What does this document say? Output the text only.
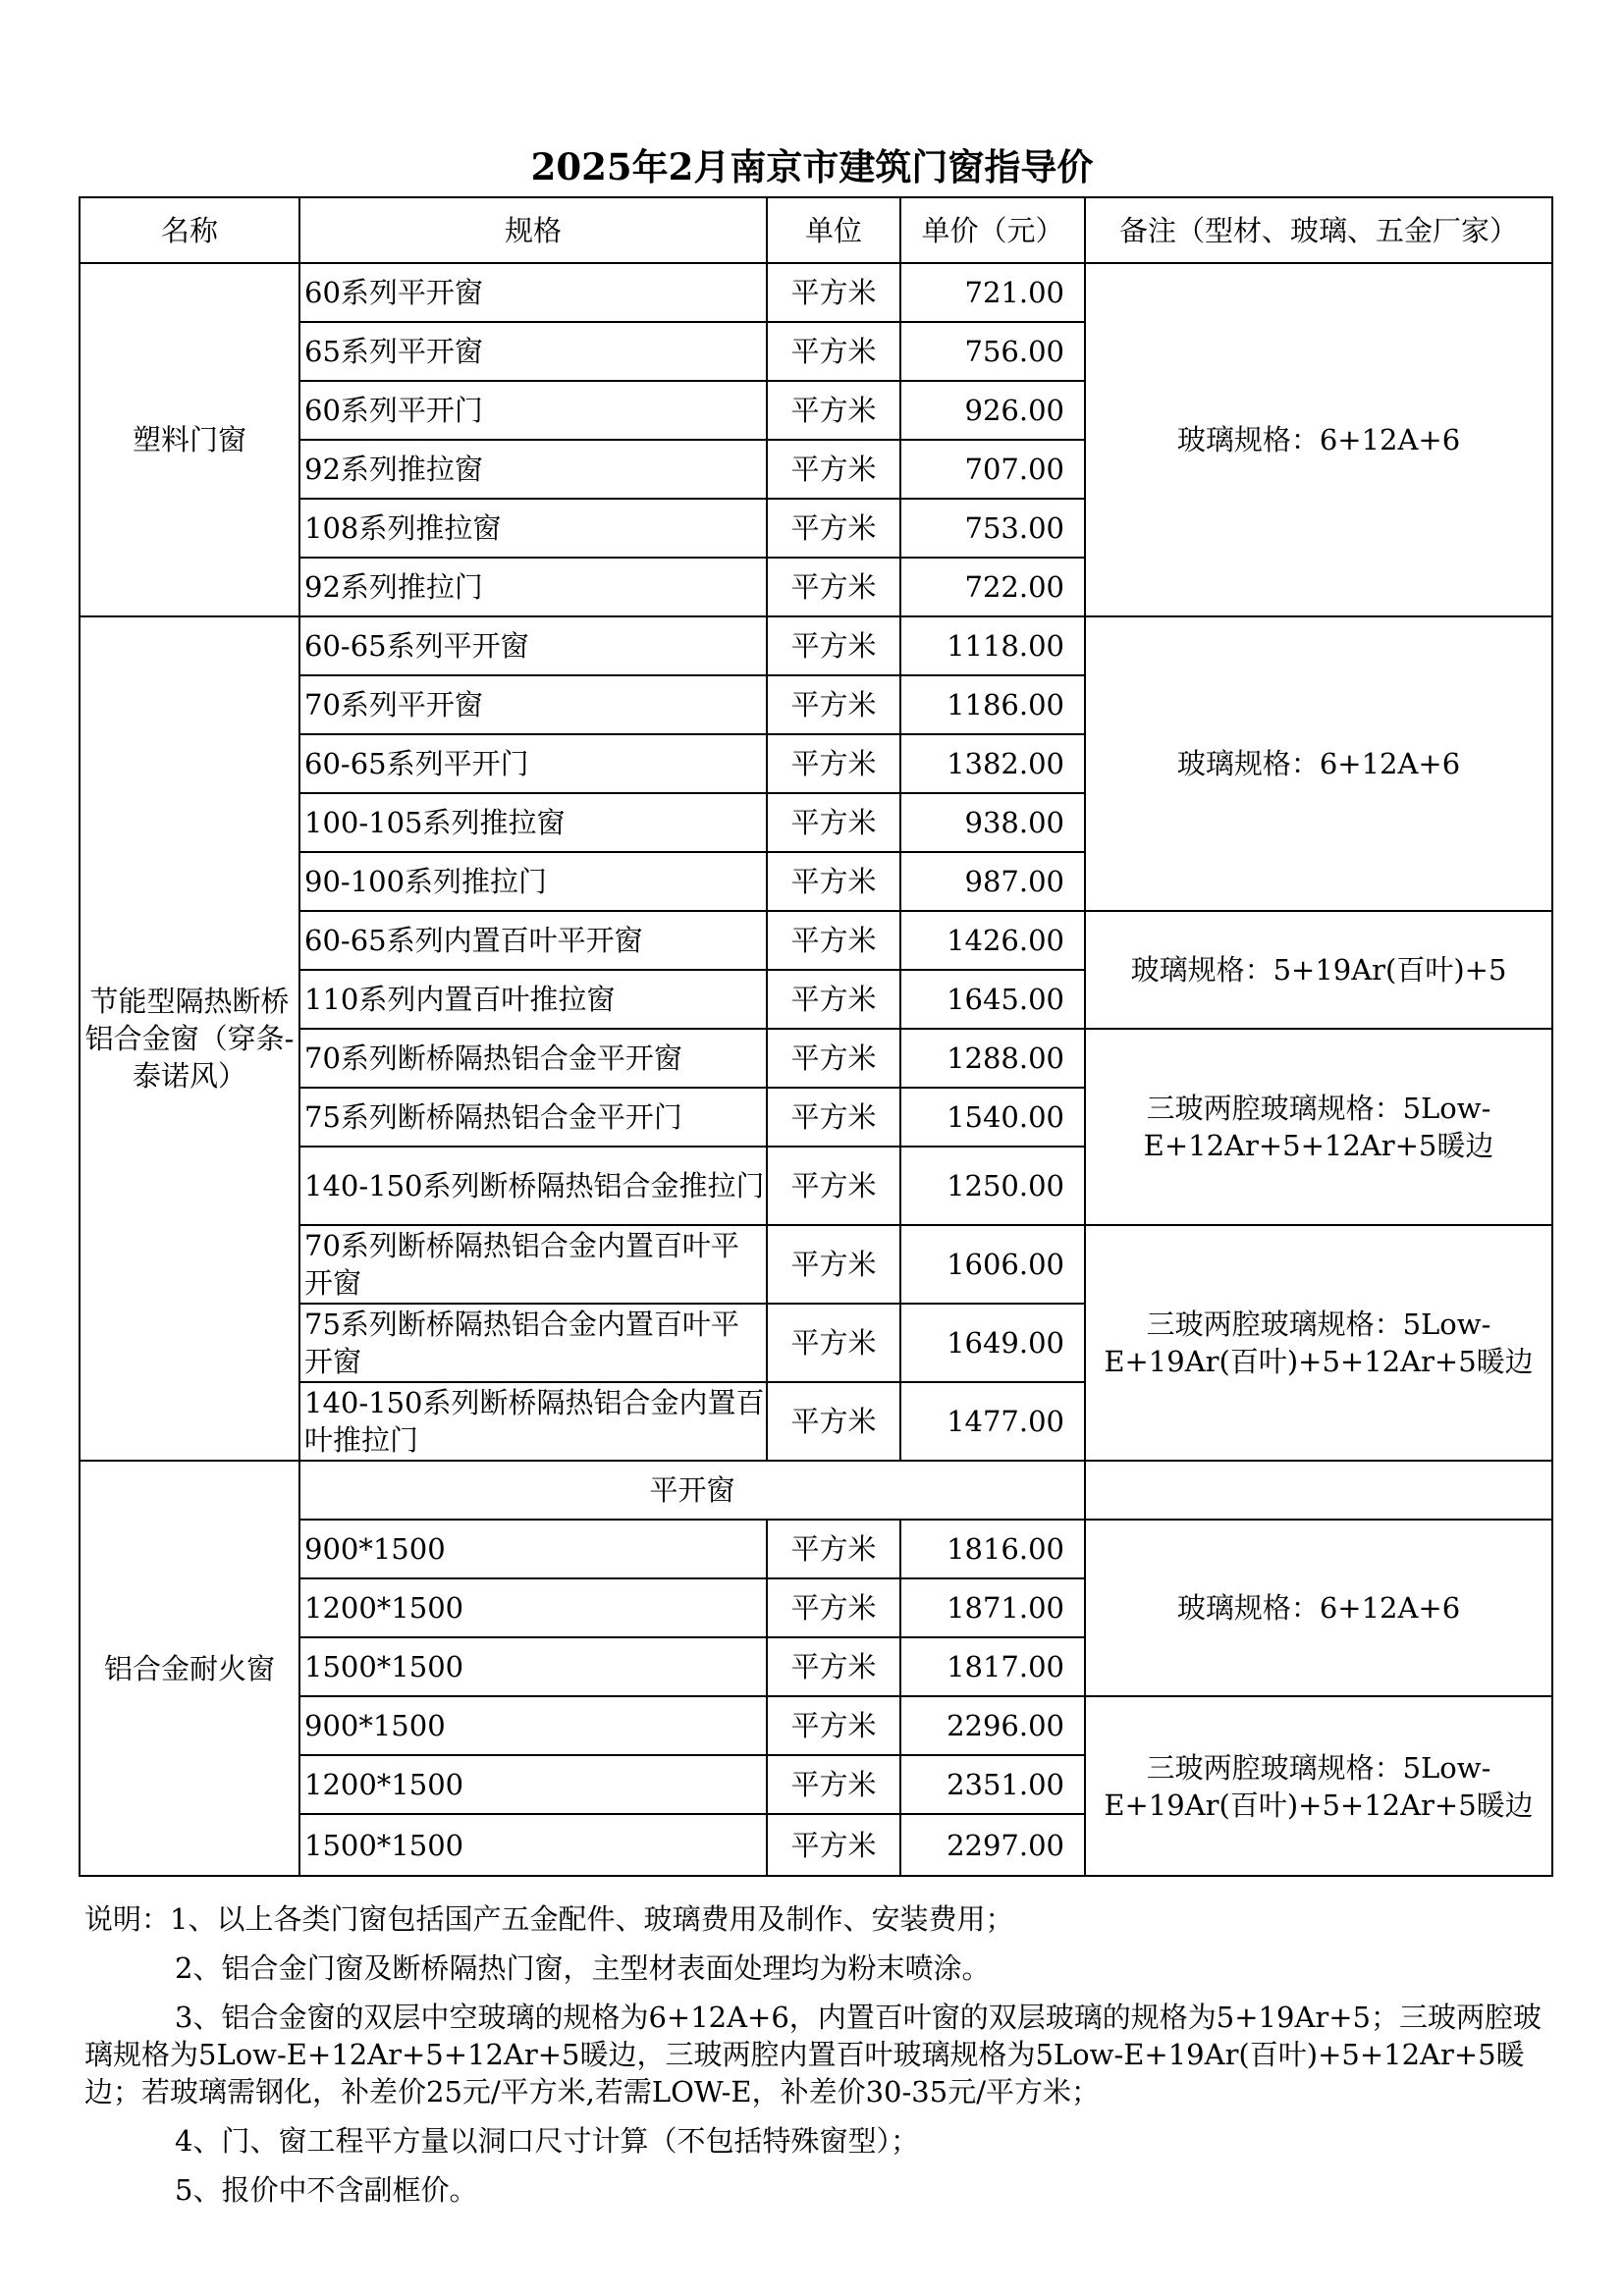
2025年2月南京市建筑门窗指导价
名称	规格	单位	单价（元）	备注（型材、玻璃、五金厂家）
塑料门窗	60系列平开窗	平方米	721.00	玻璃规格：6+12A+6
	65系列平开窗	平方米	756.00	
	60系列平开门	平方米	926.00	
	92系列推拉窗	平方米	707.00	
	108系列推拉窗	平方米	753.00	
	92系列推拉门	平方米	722.00	
节能型隔热断桥铝合金窗（穿条-泰诺风）	60-65系列平开窗	平方米	1118.00	玻璃规格：6+12A+6
	70系列平开窗	平方米	1186.00	
	60-65系列平开门	平方米	1382.00	
	100-105系列推拉窗	平方米	938.00	
	90-100系列推拉门	平方米	987.00	
	60-65系列内置百叶平开窗	平方米	1426.00	玻璃规格：5+19Ar(百叶)+5
	110系列内置百叶推拉窗	平方米	1645.00	
	70系列断桥隔热铝合金平开窗	平方米	1288.00	三玻两腔玻璃规格：5Low-E+12Ar+5+12Ar+5暖边
	75系列断桥隔热铝合金平开门	平方米	1540.00	
	140-150系列断桥隔热铝合金推拉门	平方米	1250.00	
	70系列断桥隔热铝合金内置百叶平开窗	平方米	1606.00	三玻两腔玻璃规格：5Low-E+19Ar(百叶)+5+12Ar+5暖边
	75系列断桥隔热铝合金内置百叶平开窗	平方米	1649.00	
	140-150系列断桥隔热铝合金内置百叶推拉门	平方米	1477.00	
铝合金耐火窗	平开窗			
	900*1500	平方米	1816.00	玻璃规格：6+12A+6
	1200*1500	平方米	1871.00	
	1500*1500	平方米	1817.00	
	900*1500	平方米	2296.00	三玻两腔玻璃规格：5Low-E+19Ar(百叶)+5+12Ar+5暖边
	1200*1500	平方米	2351.00	
	1500*1500	平方米	2297.00	

说明：1、以上各类门窗包括国产五金配件、玻璃费用及制作、安装费用；

2、铝合金门窗及断桥隔热门窗，主型材表面处理均为粉末喷涂。

3、铝合金窗的双层中空玻璃的规格为6+12A+6，内置百叶窗的双层玻璃的规格为5+19Ar+5；三玻两腔玻璃规格为5Low-E+12Ar+5+12Ar+5暖边，三玻两腔内置百叶玻璃规格为5Low-E+19Ar(百叶)+5+12Ar+5暖边；若玻璃需钢化，补差价25元/平方米,若需LOW-E，补差价30-35元/平方米；

4、门、窗工程平方量以洞口尺寸计算（不包括特殊窗型）；

5、报价中不含副框价。
